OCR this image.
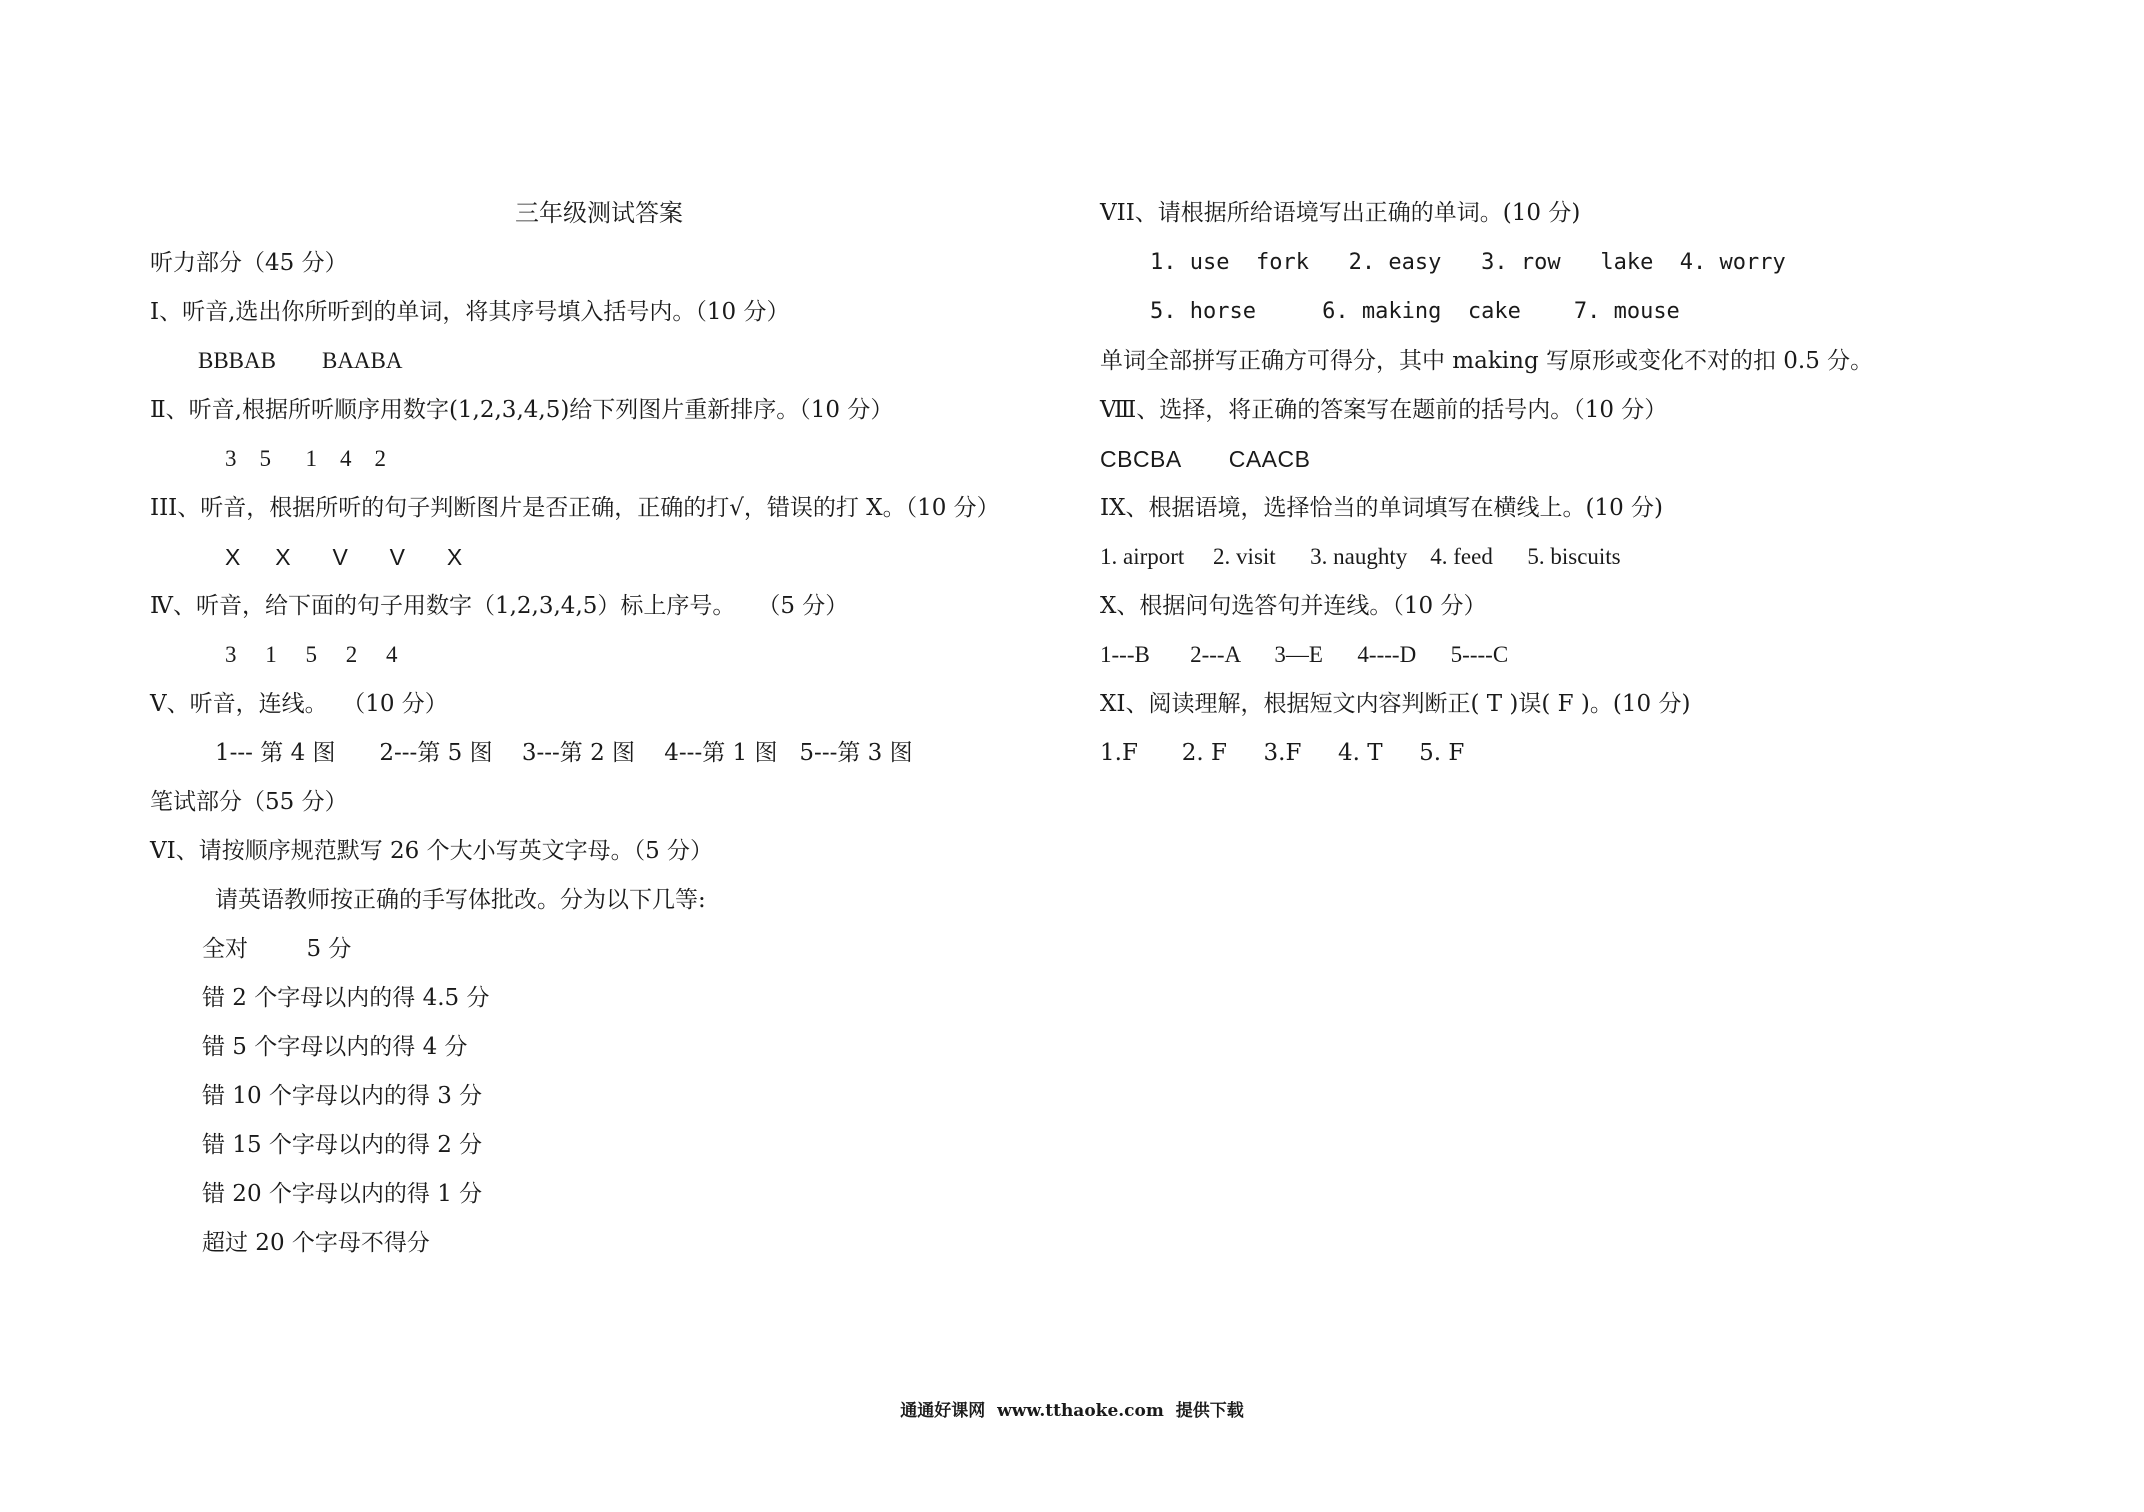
三年级测试答案
听力部分（45 分）
Ⅰ、听音,选出你所听到的单词，将其序号填入括号内。（10 分）
BBBAB        BAABA
Ⅱ、听音,根据所听顺序用数字(1,2,3,4,5)给下列图片重新排序。（10 分）
3    5      1    4    2
III、听音，根据所听的句子判断图片是否正确，正确的打√，错误的打 X。（10 分）
X     X      V      V      X
Ⅳ、听音，给下面的句子用数字（1,2,3,4,5）标上序号。   （5 分）
3     1     5     2     4
Ⅴ、听音，连线。  （10 分）
1--- 第 4 图      2---第 5 图    3---第 2 图    4---第 1 图   5---第 3 图
笔试部分（55 分）
VI、请按顺序规范默写 26 个大小写英文字母。（5 分）
请英语教师按正确的手写体批改。分为以下几等:
全对        5 分
错 2 个字母以内的得 4.5 分
错 5 个字母以内的得 4 分
错 10 个字母以内的得 3 分
错 15 个字母以内的得 2 分
错 20 个字母以内的得 1 分
超过 20 个字母不得分
VII、请根据所给语境写出正确的单词。(10 分)
1. use  fork   2. easy   3. row   lake  4. worry
5. horse     6. making  cake    7. mouse
单词全部拼写正确方可得分，其中 making 写原形或变化不对的扣 0.5 分。
Ⅷ、选择，将正确的答案写在题前的括号内。（10 分）
CBCBA       CAACB
IX、根据语境，选择恰当的单词填写在横线上。(10 分)
1. airport     2. visit      3. naughty    4. feed      5. biscuits
Ⅹ、根据问句选答句并连线。（10 分）
1---B       2---A      3—E      4----D      5----C
XI、阅读理解，根据短文内容判断正( T )误( F )。(10 分)
1.F      2. F     3.F     4. T     5. F
通通好课网  www.tthaoke.com  提供下载
